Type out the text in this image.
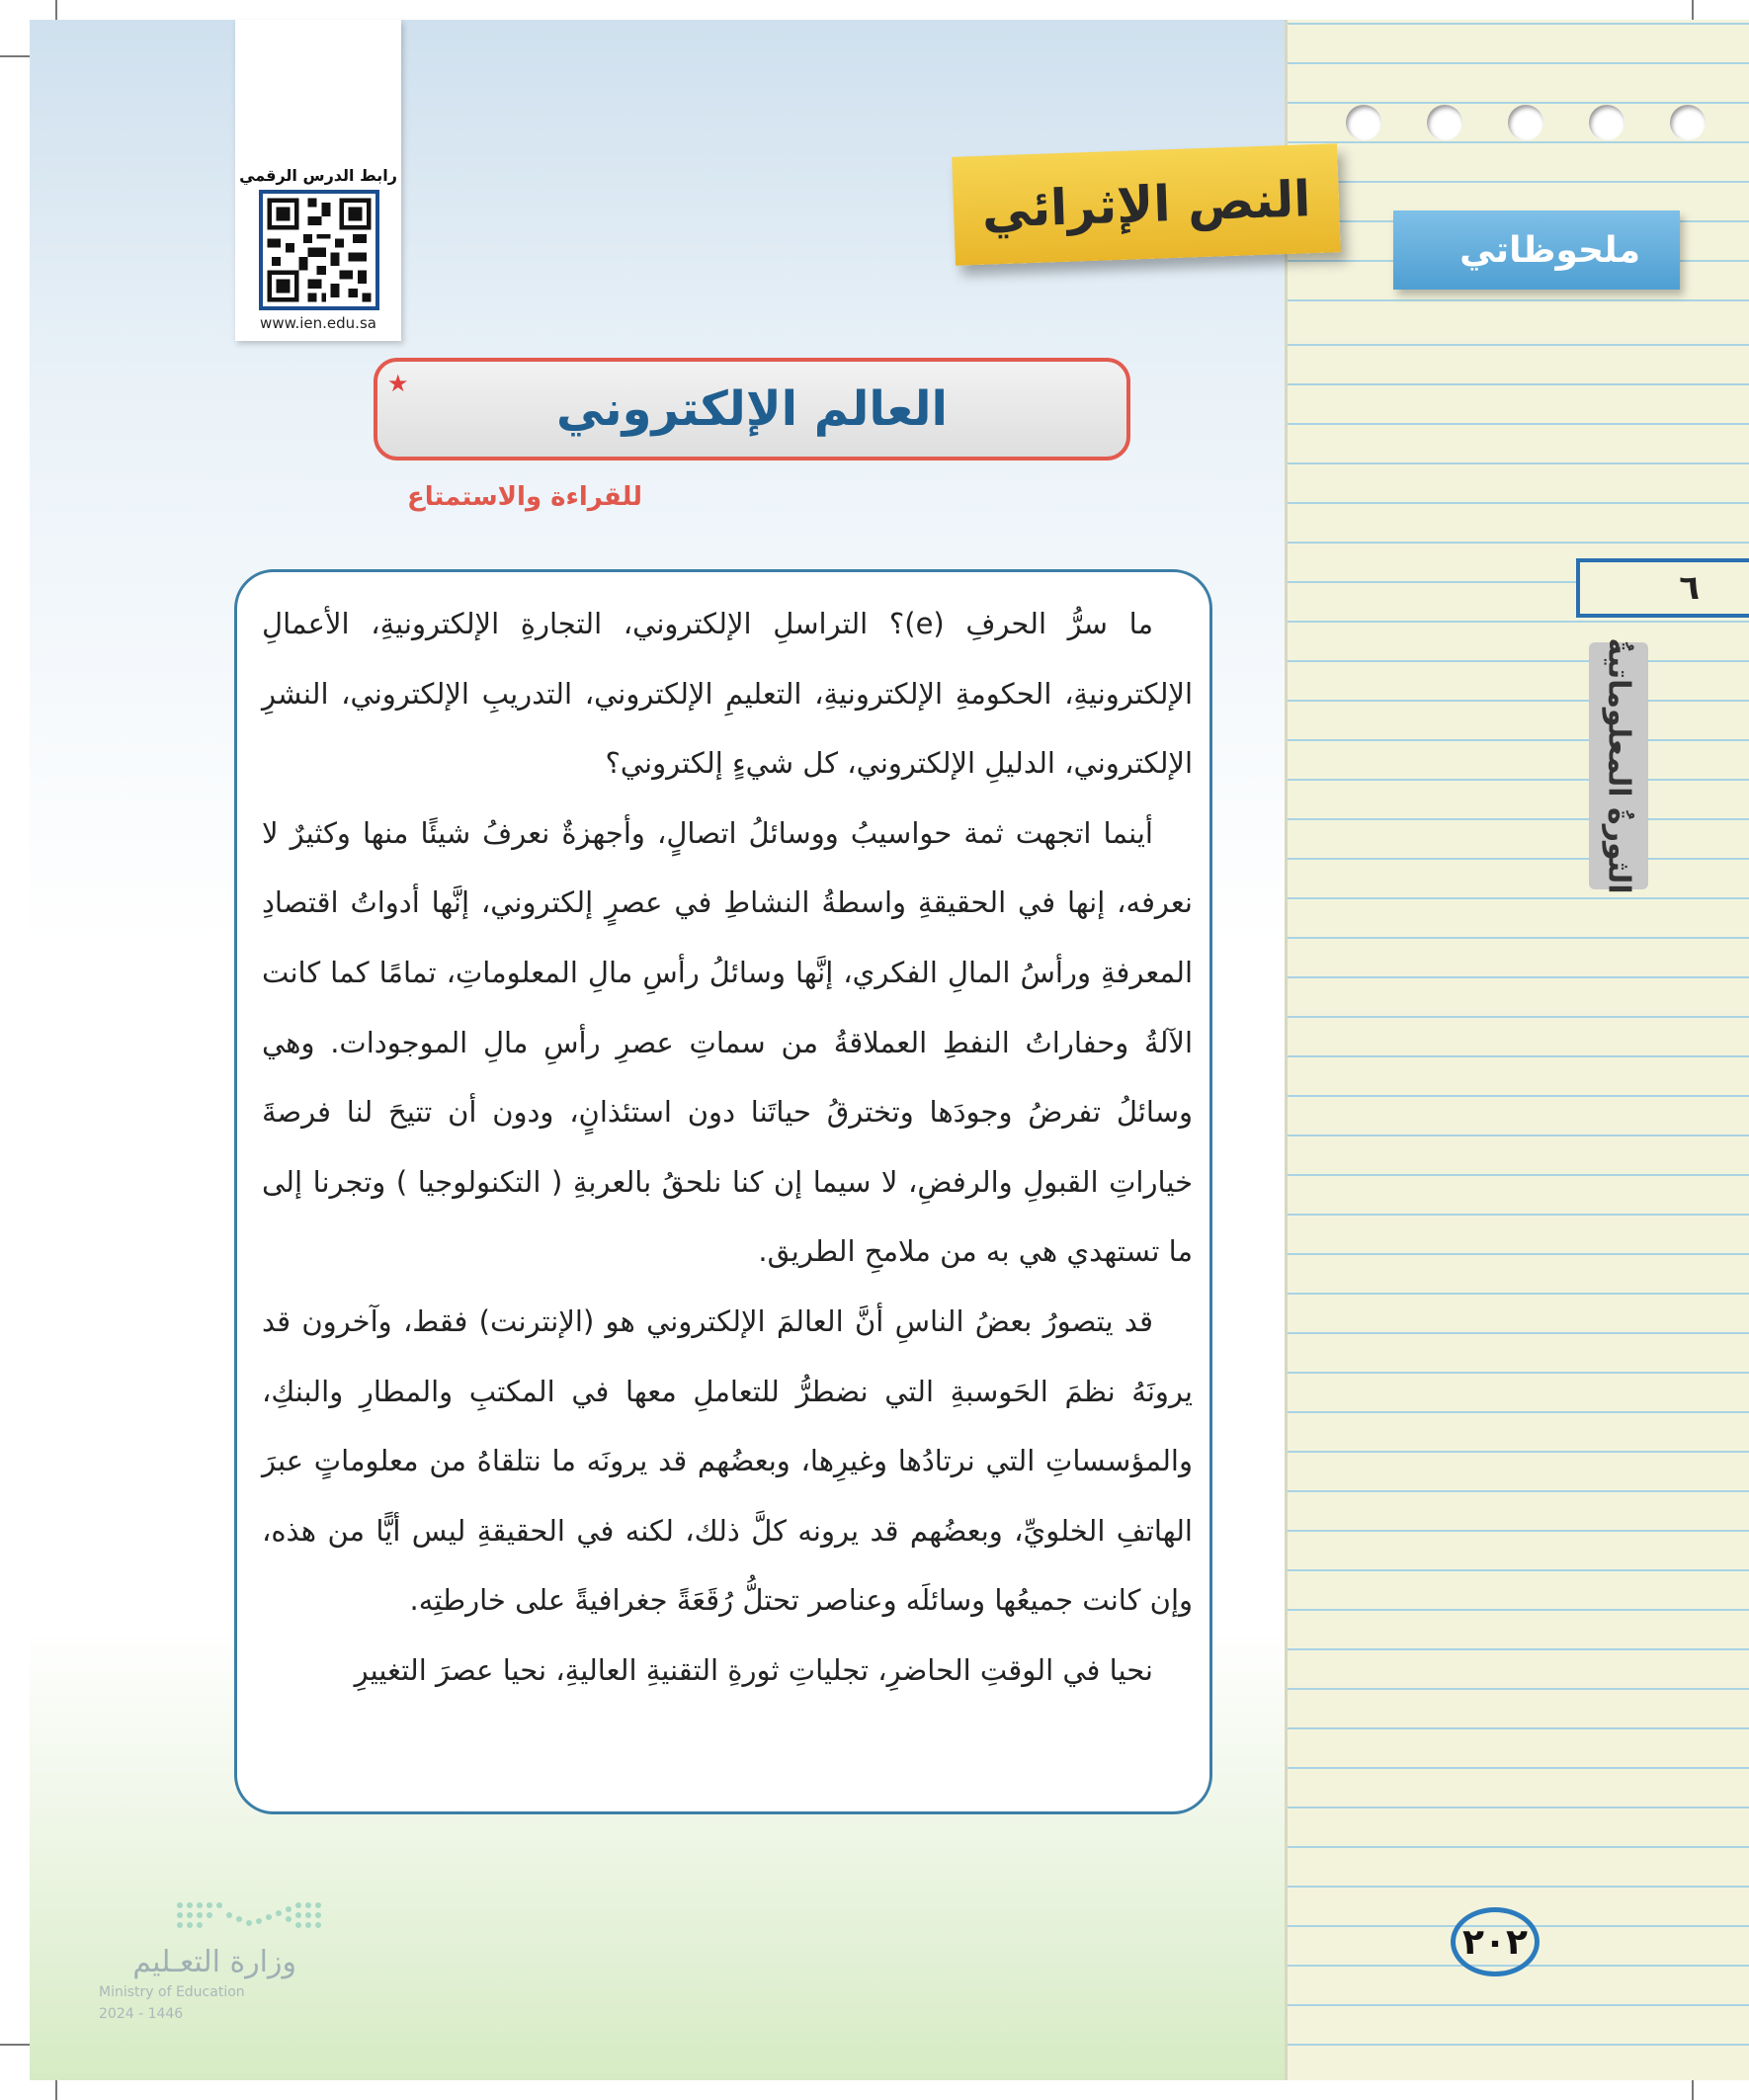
ملحوظاتي
٦
الثورةُ المعلوماتيةُ
٢٠٢
رابط الدرس الرقمي
www.ien.edu.sa
النص الإثرائي
العالم الإلكتروني
★
للقراءة والاستمتاع

ما سرُّ الحرفِ (e)؟ التراسلِ الإلكتروني، التجارةِ الإلكترونيةِ، الأعمالِ الإلكترونيةِ، الحكومةِ الإلكترونيةِ، التعليمِ الإلكتروني، التدريبِ الإلكتروني، النشرِ الإلكتروني، الدليلِ الإلكتروني، كل شيءٍ إلكتروني؟

أينما اتجهت ثمة حواسيبُ ووسائلُ اتصالٍ، وأجهزةٌ نعرفُ شيئًا منها وكثيرٌ لا نعرفه، إنها في الحقيقةِ واسطةُ النشاطِ في عصرٍ إلكتروني، إنَّها أدواتُ اقتصادِ المعرفةِ ورأسُ المالِ الفكري، إنَّها وسائلُ رأسِ مالِ المعلوماتِ، تمامًا كما كانت الآلةُ وحفاراتُ النفطِ العملاقةُ من سماتِ عصرِ رأسِ مالِ الموجودات. وهي وسائلُ تفرضُ وجودَها وتخترقُ حياتَنا دون استئذانٍ، ودون أن تتيحَ لنا فرصةَ خياراتِ القبولِ والرفضِ، لا سيما إن كنا نلحقُ بالعربةِ ( التكنولوجيا ) وتجرنا إلى ما تستهدي هي به من ملامحِ الطريق.

قد يتصورُ بعضُ الناسِ أنَّ العالمَ الإلكتروني هو (الإنترنت) فقط، وآخرون قد يرونَهُ نظمَ الحَوسبةِ التي نضطرُّ للتعاملِ معها في المكتبِ والمطارِ والبنكِ، والمؤسساتِ التي نرتادُها وغيرِها، وبعضُهم قد يرونَه ما نتلقاهُ من معلوماتٍ عبرَ الهاتفِ الخلويِّ، وبعضُهم قد يرونه كلَّ ذلك، لكنه في الحقيقةِ ليس أيًّا من هذه، وإن كانت جميعُها وسائلَه وعناصر تحتلُّ رُقَعَةً جغرافيةً على خارطتِه.

نحيا في الوقتِ الحاضرِ، تجلياتِ ثورةِ التقنيةِ العاليةِ، نحيا عصرَ التغييرِ

وزارة التعـليم
Ministry of Education
2024 - 1446
